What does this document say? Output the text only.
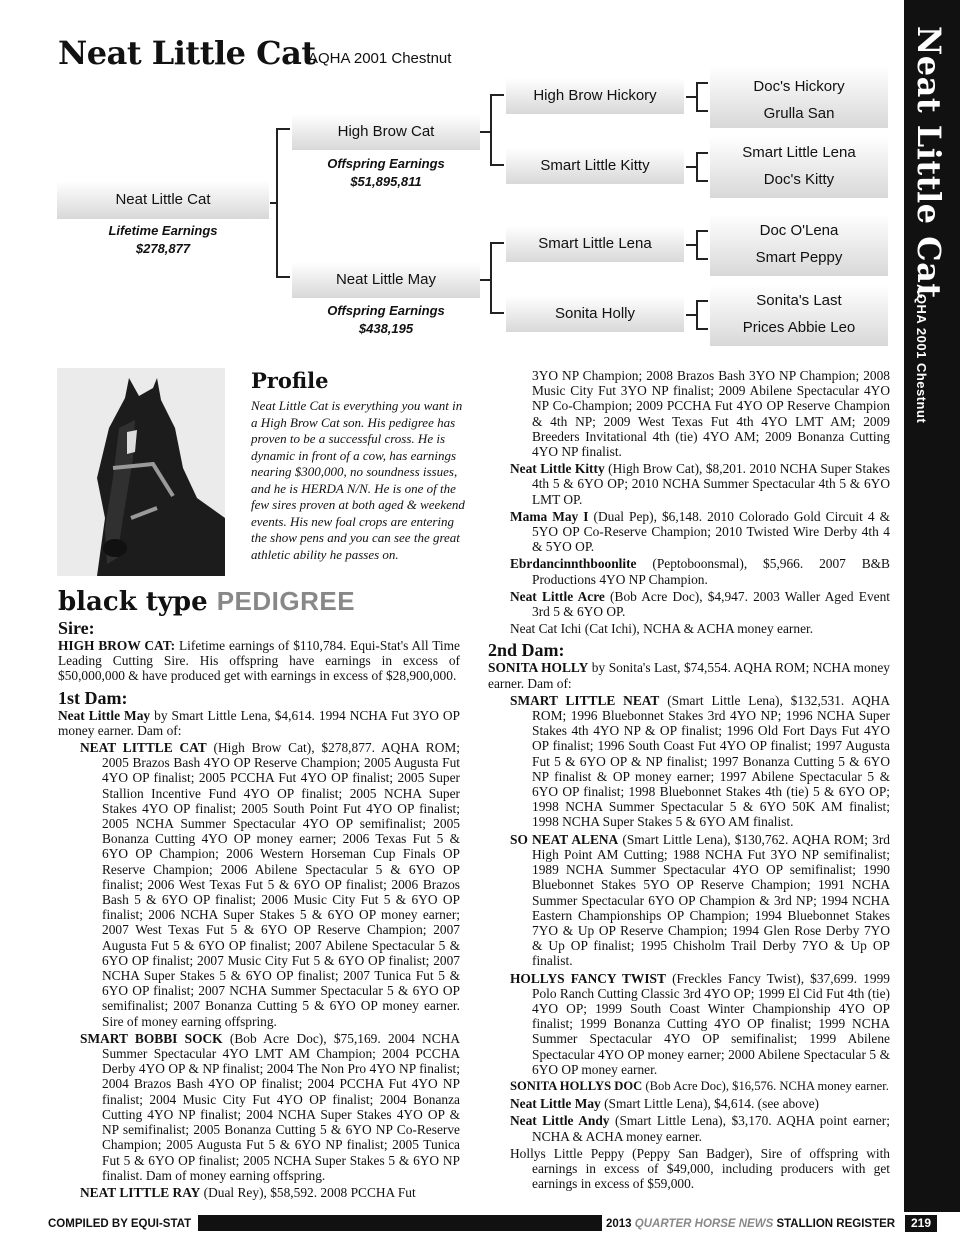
Neat Little Cat
AQHA 2001 Chestnut	Neat Little Cat
AQHA 2001 Chestnut
Neat Little Cat
Lifetime Earnings
$278,877
High Brow Cat
Offspring Earnings
$51,895,811
Neat Little May
Offspring Earnings
$438,195
High Brow Hickory
Smart Little Kitty
Smart Little Lena
Sonita Holly
Doc's Hickory
Grulla San
Smart Little Lena
Doc's Kitty
Doc O'Lena
Smart Peppy
Sonita's Last
Prices Abbie Leo
Profile
Neat Little Cat is everything you want in a High Brow Cat son. His pedigree has proven to be a successful cross. He is dynamic in front of a cow, has earnings nearing $300,000, no soundness issues, and he is HERDA N/N. He is one of the few sires proven at both aged & weekend events. His new foal crops are entering the show pens and you can see the great athletic ability he passes on.
black type PEDIGREE
Sire:
HIGH BROW CAT: Lifetime earnings of $110,784. Equi-Stat's All Time Leading Cutting Sire. His offspring have earnings in excess of $50,000,000 & have produced get with earnings in excess of $28,900,000.
1st Dam:
Neat Little May by Smart Little Lena, $4,614. 1994 NCHA Fut 3YO OP money earner. Dam of:
NEAT LITTLE CAT (High Brow Cat), $278,877. AQHA ROM; 2005 Brazos Bash 4YO OP Reserve Champion; 2005 Augusta Fut 4YO OP finalist; 2005 PCCHA Fut 4YO OP finalist; 2005 Super Stallion Incentive Fund 4YO OP finalist; 2005 NCHA Super Stakes 4YO OP finalist; 2005 South Point Fut 4YO OP finalist; 2005 NCHA Summer Spectacular 4YO OP semifinalist; 2005 Bonanza Cutting 4YO OP money earner; 2006 Texas Fut 5 & 6YO OP Champion; 2006 Western Horseman Cup Finals OP Reserve Champion; 2006 Abilene Spectacular 5 & 6YO OP finalist; 2006 West Texas Fut 5 & 6YO OP finalist; 2006 Brazos Bash 5 & 6YO OP finalist; 2006 Music City Fut 5 & 6YO OP finalist; 2006 NCHA Super Stakes 5 & 6YO OP money earner; 2007 West Texas Fut 5 & 6YO OP Reserve Champion; 2007 Augusta Fut 5 & 6YO OP finalist; 2007 Abilene Spectacular 5 & 6YO OP finalist; 2007 Music City Fut 5 & 6YO OP finalist; 2007 NCHA Super Stakes 5 & 6YO OP finalist; 2007 Tunica Fut 5 & 6YO OP finalist; 2007 NCHA Summer Spectacular 5 & 6YO OP semifinalist; 2007 Bonanza Cutting 5 & 6YO OP money earner. Sire of money earning offspring.
SMART BOBBI SOCK (Bob Acre Doc), $75,169. 2004 NCHA Summer Spectacular 4YO LMT AM Champion; 2004 PCCHA Derby 4YO OP & NP finalist; 2004 The Non Pro 4YO NP finalist; 2004 Brazos Bash 4YO OP finalist; 2004 PCCHA Fut 4YO NP finalist; 2004 Music City Fut 4YO OP finalist; 2004 Bonanza Cutting 4YO NP finalist; 2004 NCHA Super Stakes 4YO OP & NP semifinalist; 2005 Bonanza Cutting 5 & 6YO NP Co-Reserve Champion; 2005 Augusta Fut 5 & 6YO NP finalist; 2005 Tunica Fut 5 & 6YO OP finalist; 2005 NCHA Super Stakes 5 & 6YO NP finalist. Dam of money earning offspring.
NEAT LITTLE RAY (Dual Rey), $58,592. 2008 PCCHA Fut
3YO NP Champion; 2008 Brazos Bash 3YO NP Champion; 2008 Music City Fut 3YO NP finalist; 2009 Abilene Spectacular 4YO NP Co-Champion; 2009 PCCHA Fut 4YO OP Reserve Champion & 4th NP; 2009 West Texas Fut 4th 4YO LMT AM; 2009 Breeders Invitational 4th (tie) 4YO AM; 2009 Bonanza Cutting 4YO NP finalist.
Neat Little Kitty (High Brow Cat), $8,201. 2010 NCHA Super Stakes 4th 5 & 6YO OP; 2010 NCHA Summer Spectacular 4th 5 & 6YO LMT OP.
Mama May I (Dual Pep), $6,148. 2010 Colorado Gold Circuit 4 & 5YO OP Co-Reserve Champion; 2010 Twisted Wire Derby 4th 4 & 5YO OP.
Ebrdancinnthboonlite (Peptoboonsmal), $5,966. 2007 B&B Productions 4YO NP Champion.
Neat Little Acre (Bob Acre Doc), $4,947. 2003 Waller Aged Event 3rd 5 & 6YO OP.
Neat Cat Ichi (Cat Ichi), NCHA & ACHA money earner.
2nd Dam:
SONITA HOLLY by Sonita's Last, $74,554. AQHA ROM; NCHA money earner. Dam of:
SMART LITTLE NEAT (Smart Little Lena), $132,531. AQHA ROM; 1996 Bluebonnet Stakes 3rd 4YO NP; 1996 NCHA Super Stakes 4th 4YO NP & OP finalist; 1996 Old Fort Days Fut 4YO OP finalist; 1996 South Coast Fut 4YO OP finalist; 1997 Augusta Fut 5 & 6YO OP & NP finalist; 1997 Bonanza Cutting 5 & 6YO NP finalist & OP money earner; 1997 Abilene Spectacular 5 & 6YO OP finalist; 1998 Bluebonnet Stakes 4th (tie) 5 & 6YO OP; 1998 NCHA Summer Spectacular 5 & 6YO 50K AM finalist; 1998 NCHA Super Stakes 5 & 6YO AM finalist.
SO NEAT ALENA (Smart Little Lena), $130,762. AQHA ROM; 3rd High Point AM Cutting; 1988 NCHA Fut 3YO NP semifinalist; 1989 NCHA Summer Spectacular 4YO OP semifinalist; 1990 Bluebonnet Stakes 5YO OP Reserve Champion; 1991 NCHA Summer Spectacular 6YO OP Champion & 3rd NP; 1994 NCHA Eastern Championships OP Champion; 1994 Bluebonnet Stakes 7YO & Up OP Reserve Champion; 1994 Glen Rose Derby 7YO & Up OP finalist; 1995 Chisholm Trail Derby 7YO & Up OP finalist.
HOLLYS FANCY TWIST (Freckles Fancy Twist), $37,699. 1999 Polo Ranch Cutting Classic 3rd 4YO OP; 1999 El Cid Fut 4th (tie) 4YO OP; 1999 South Coast Winter Championship 4YO OP finalist; 1999 Bonanza Cutting 4YO OP finalist; 1999 NCHA Summer Spectacular 4YO OP semifinalist; 1999 Abilene Spectacular 4YO OP money earner; 2000 Abilene Spectacular 5 & 6YO OP money earner.
SONITA HOLLYS DOC (Bob Acre Doc), $16,576. NCHA money earner.
Neat Little May (Smart Little Lena), $4,614. (see above)
Neat Little Andy (Smart Little Lena), $3,170. AQHA point earner; NCHA & ACHA money earner.
Hollys Little Peppy (Peppy San Badger), Sire of offspring with earnings in excess of $49,000, including producers with get earnings in excess of $59,000.
COMPILED BY EQUI-STAT	2013 QUARTER HORSE NEWS STALLION REGISTER	219
